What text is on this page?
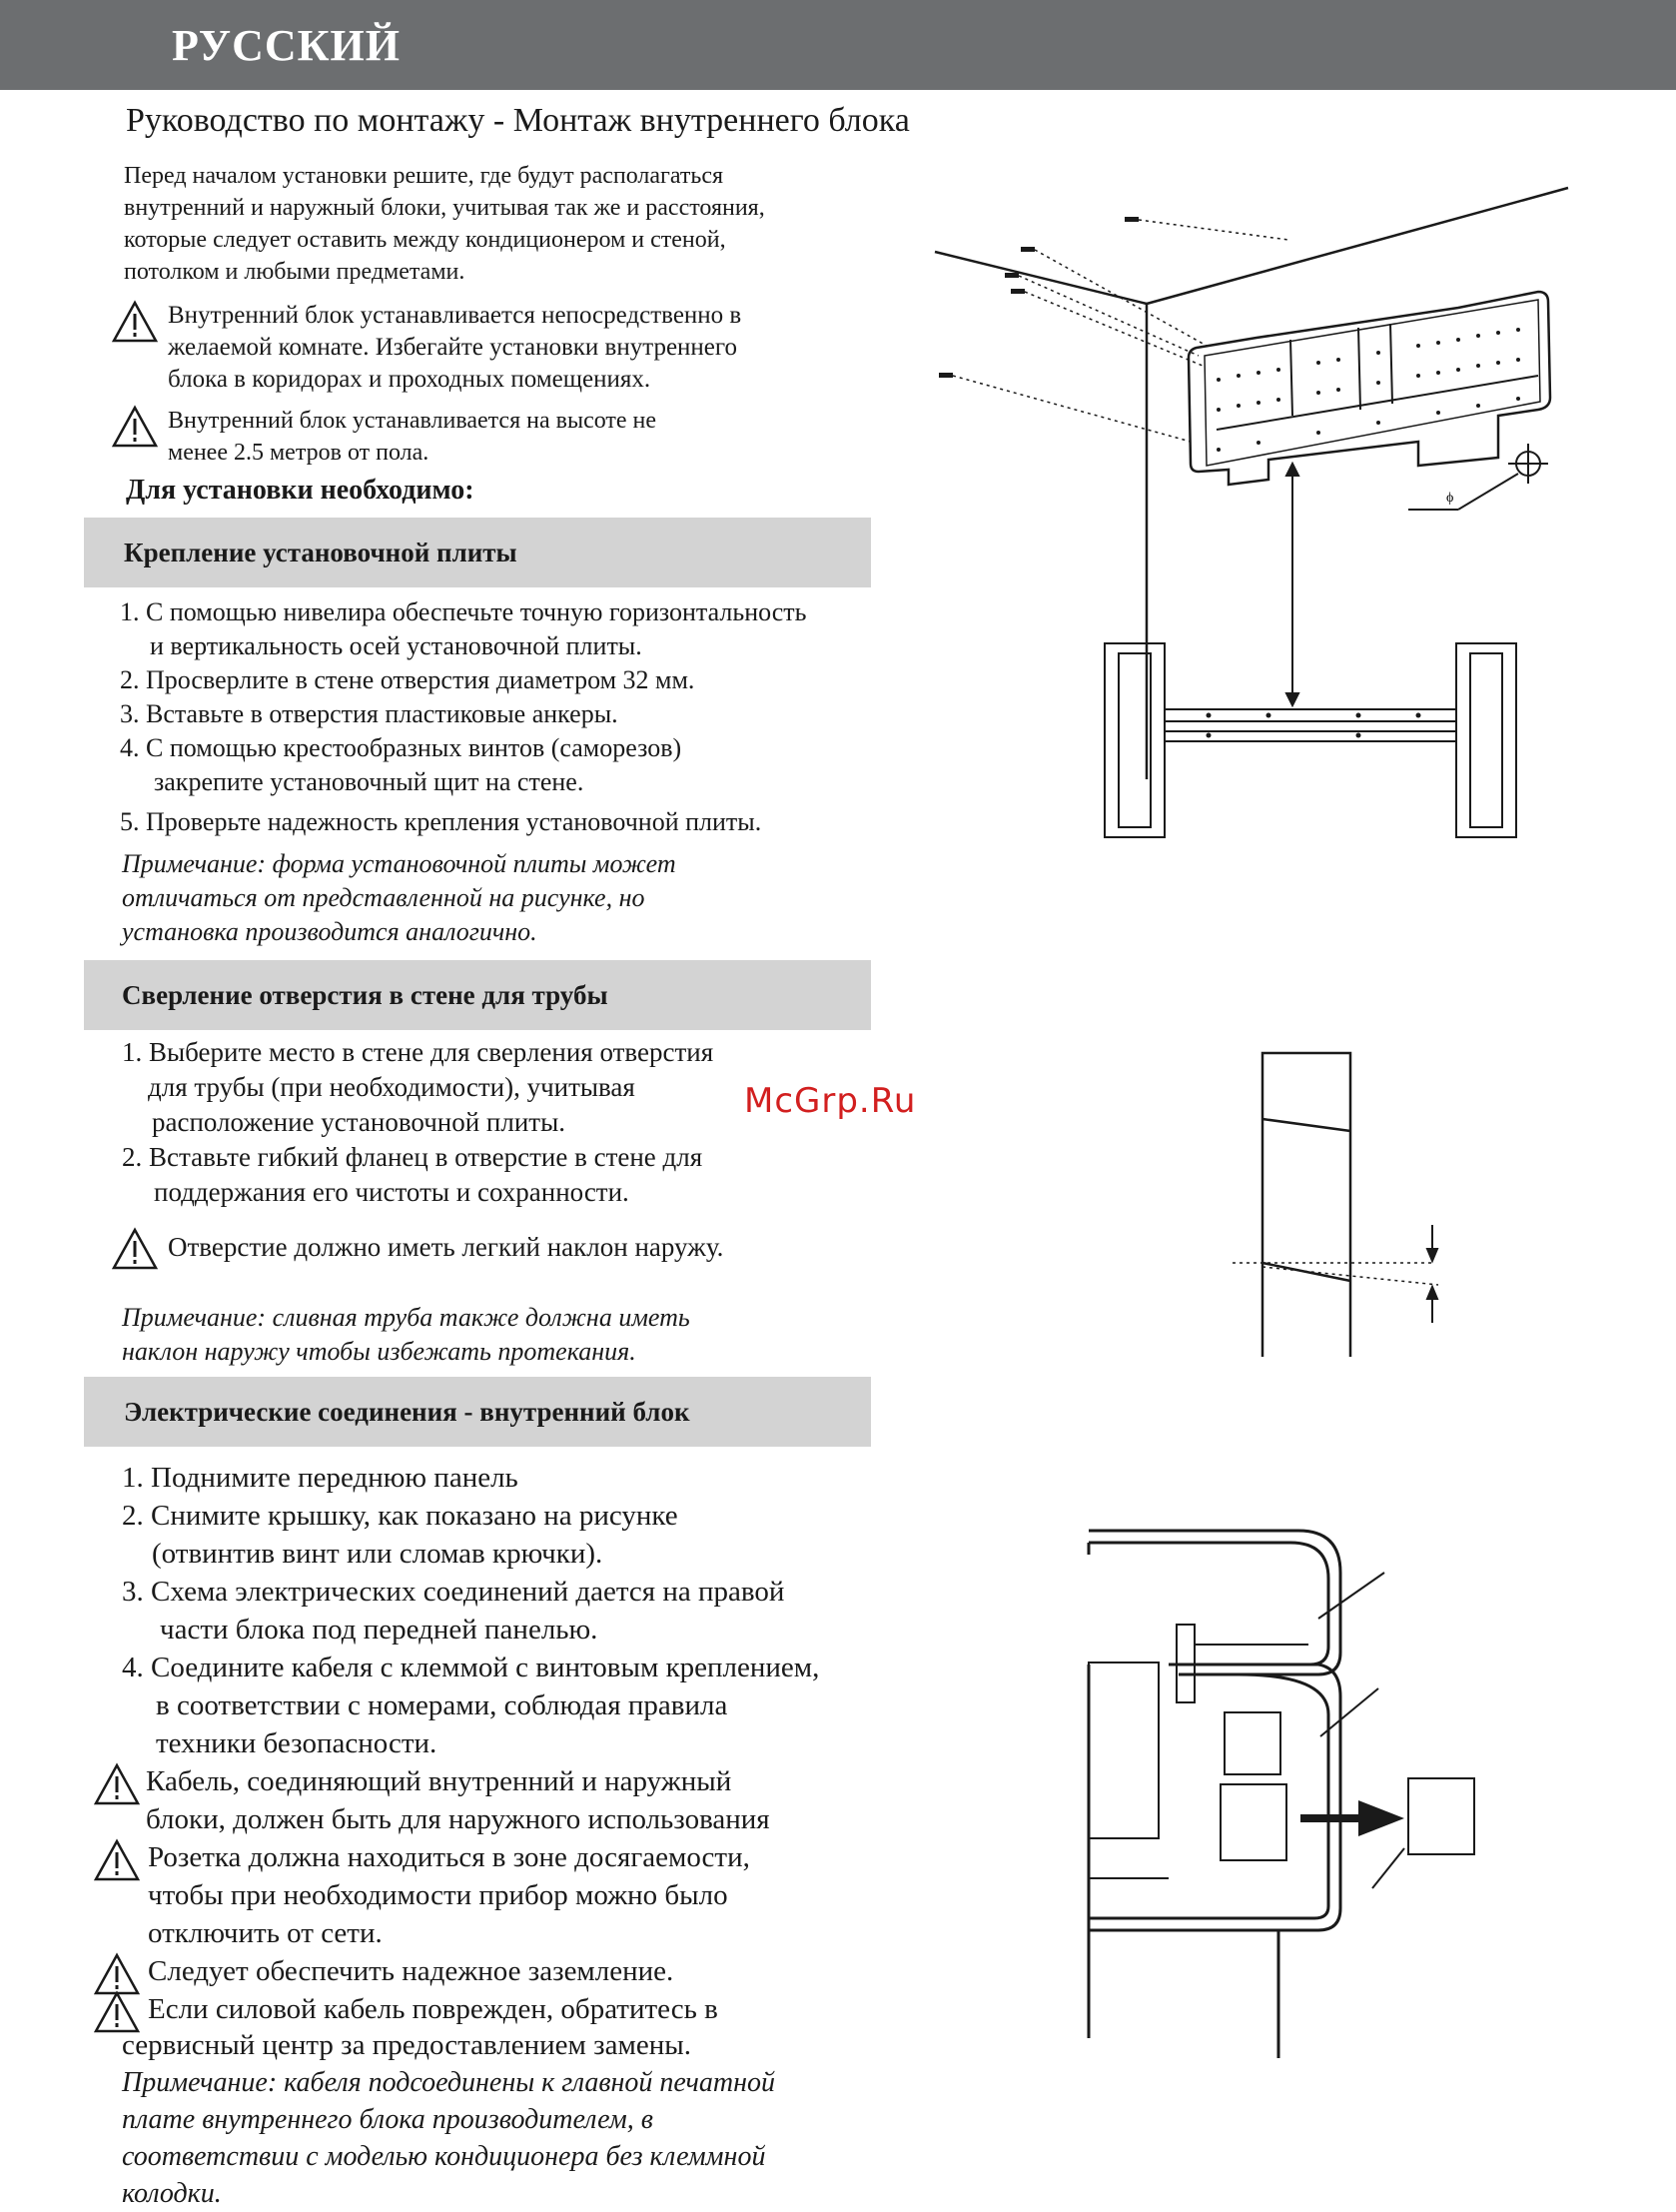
РУССКИЙ
Руководство по монтажу - Монтаж внутреннего блока
Перед началом установки решите, где будут располагаться
внутренний и наружный блоки, учитывая так же и расстояния,
которые следует оставить между кондиционером и стеной,
потолком и любыми предметами.
Внутренний блок устанавливается непосредственно в
желаемой комнате. Избегайте установки внутреннего
блока в коридорах и проходных помещениях.
Внутренний блок устанавливается на высоте не
менее 2.5 метров от пола.
Для установки необходимо:
Крепление установочной плиты
1. С помощью нивелира обеспечьте точную горизонтальность
и вертикальность осей установочной плиты.
2. Просверлите в стене отверстия диаметром 32 мм.
3. Вставьте в отверстия пластиковые анкеры.
4. С помощью крестообразных винтов (саморезов)
закрепите установочный щит на стене.
5. Проверьте надежность крепления установочной плиты.
Примечание: форма установочной плиты может
отличаться от представленной на рисунке, но
установка производится аналогично.
Сверление отверстия в стене для трубы
1. Выберите место в стене для сверления отверстия
для трубы (при необходимости), учитывая
расположение установочной плиты.
2. Вставьте гибкий фланец в отверстие в стене для
поддержания его чистоты и сохранности.
Отверстие должно иметь легкий наклон наружу.
Примечание: сливная труба также должна иметь
наклон наружу чтобы избежать протекания.
McGrp.Ru
Электрические соединения - внутренний блок
1. Поднимите переднюю панель
2. Снимите крышку, как показано на рисунке
(отвинтив винт или сломав крючки).
3. Схема электрических соединений дается на правой
части блока под передней панелью.
4. Соедините кабеля с клеммой с винтовым креплением,
в соответствии с номерами, соблюдая правила
техники безопасности.
Кабель, соединяющий внутренний и наружный
блоки, должен быть для наружного использования
Розетка должна находиться в зоне досягаемости,
чтобы при необходимости прибор можно было
отключить от сети.
Следует обеспечить надежное заземление.
Если силовой кабель поврежден, обратитесь в
сервисный центр за предоставлением замены.
Примечание: кабеля подсоединены к главной печатной
плате внутреннего блока производителем, в
соответствии с моделью кондиционера без клеммной
колодки.
ϕ
